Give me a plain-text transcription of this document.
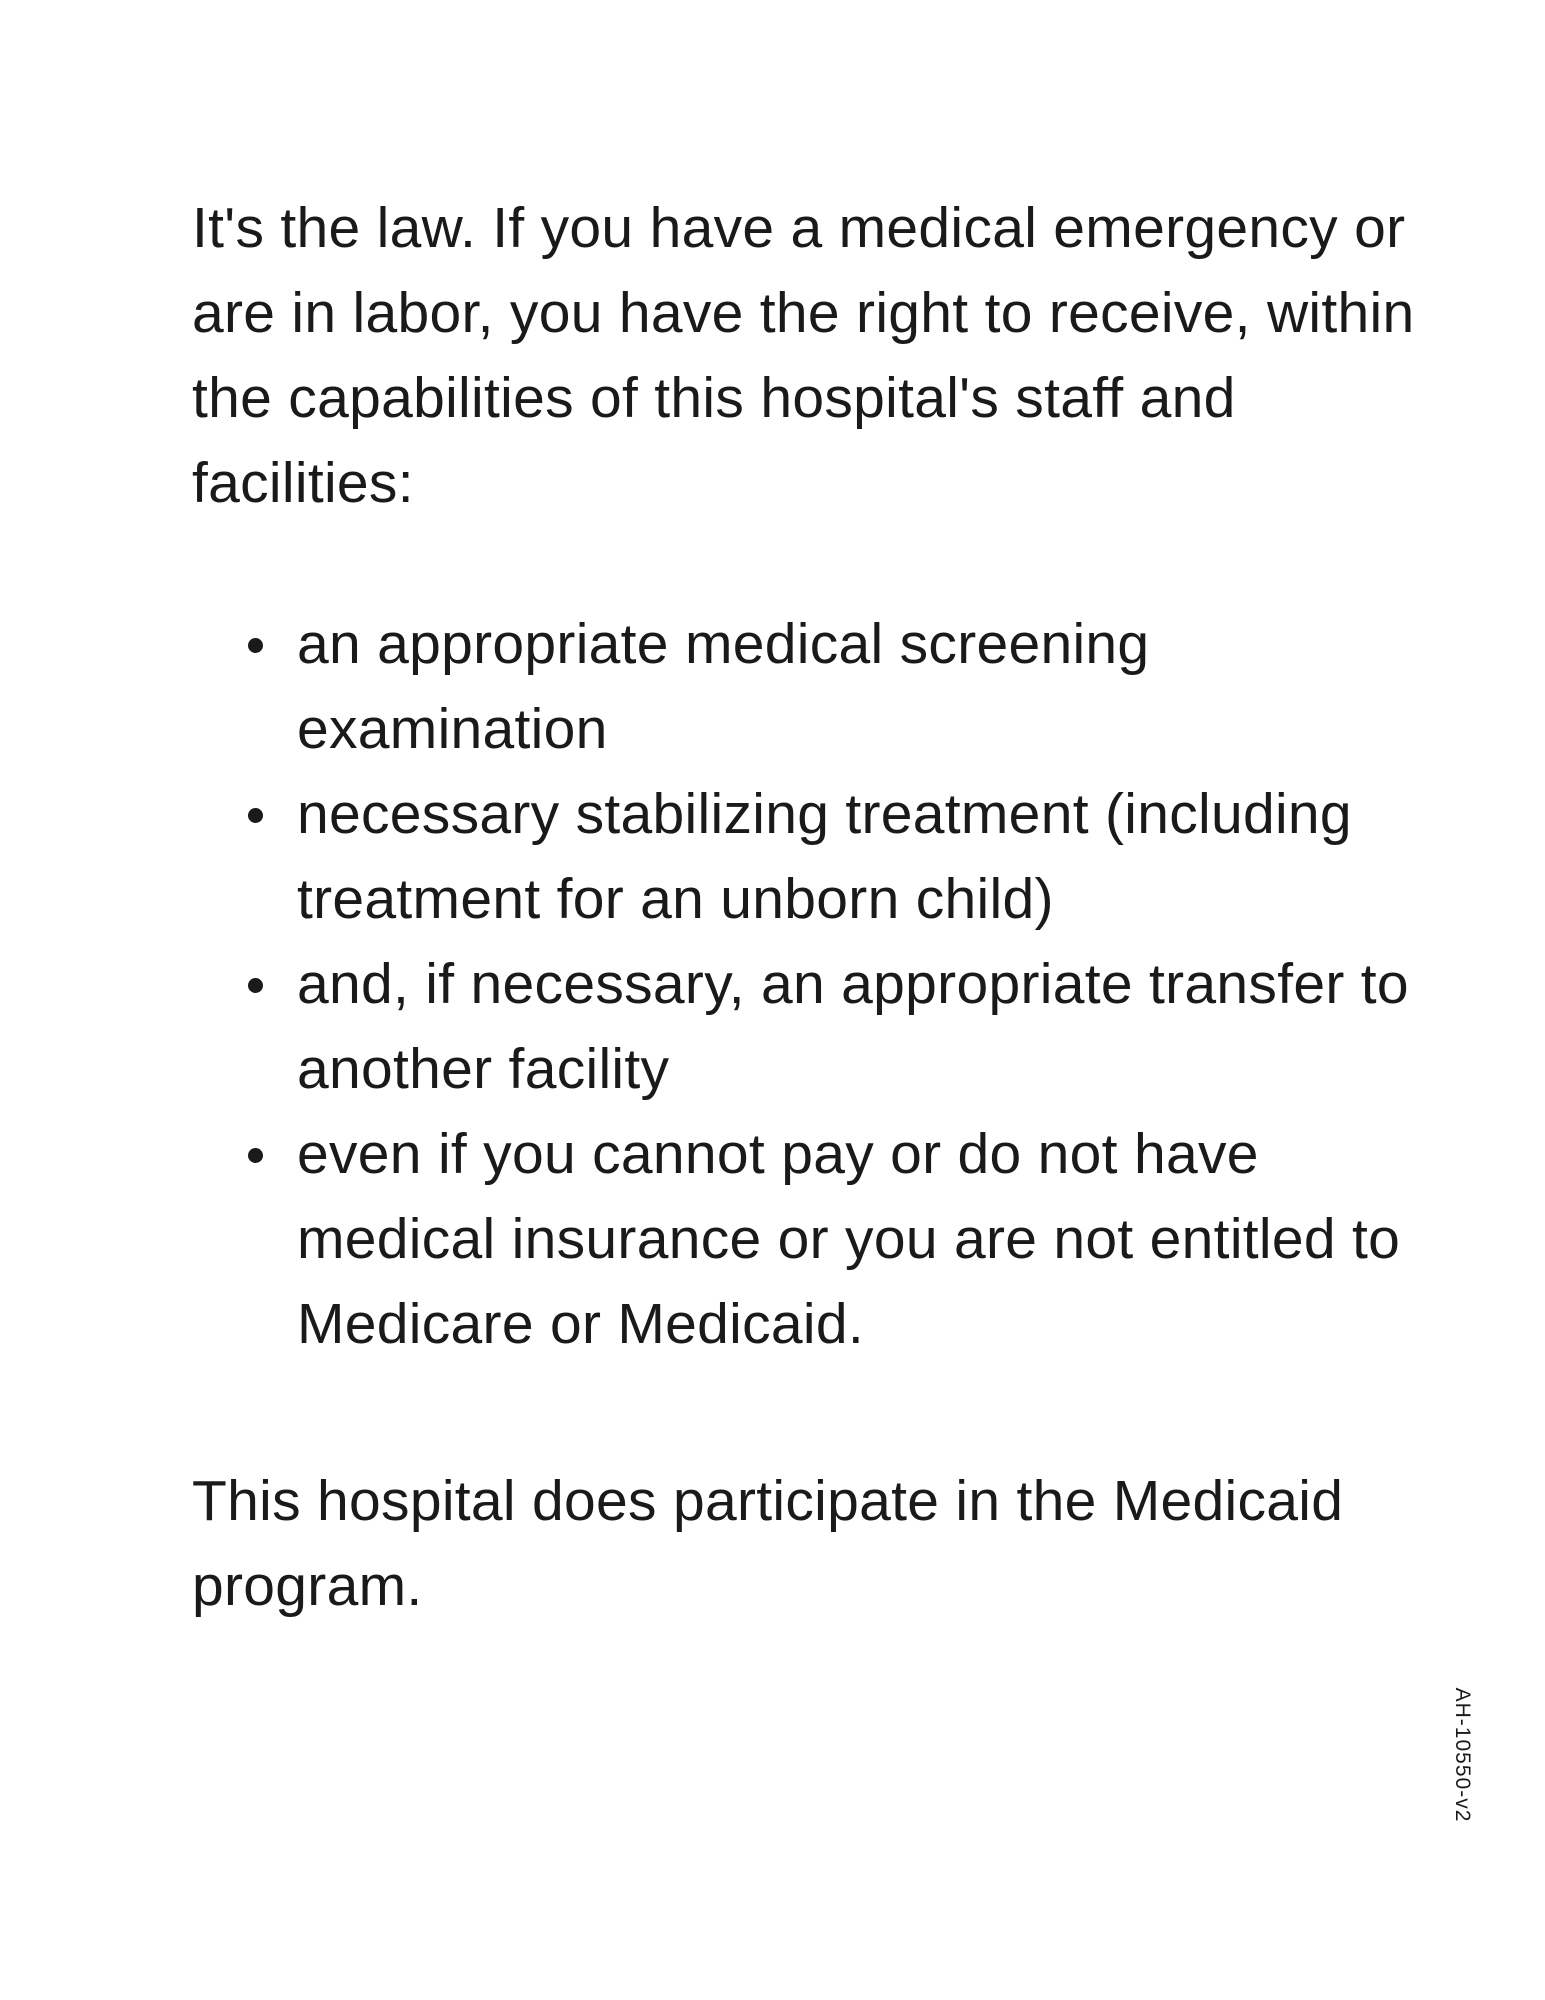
It's the law. If you have a medical emergency or are in labor, you have the right to receive, within the capabilities of this hospital's staff and facilities:

an appropriate medical screening examination
necessary stabilizing treatment (including treatment for an unborn child)
and, if necessary, an appropriate transfer to another facility
even if you cannot pay or do not have medical insurance or you are not entitled to Medicare or Medicaid.

This hospital does participate in the Medicaid program.

AH-10550-v2
